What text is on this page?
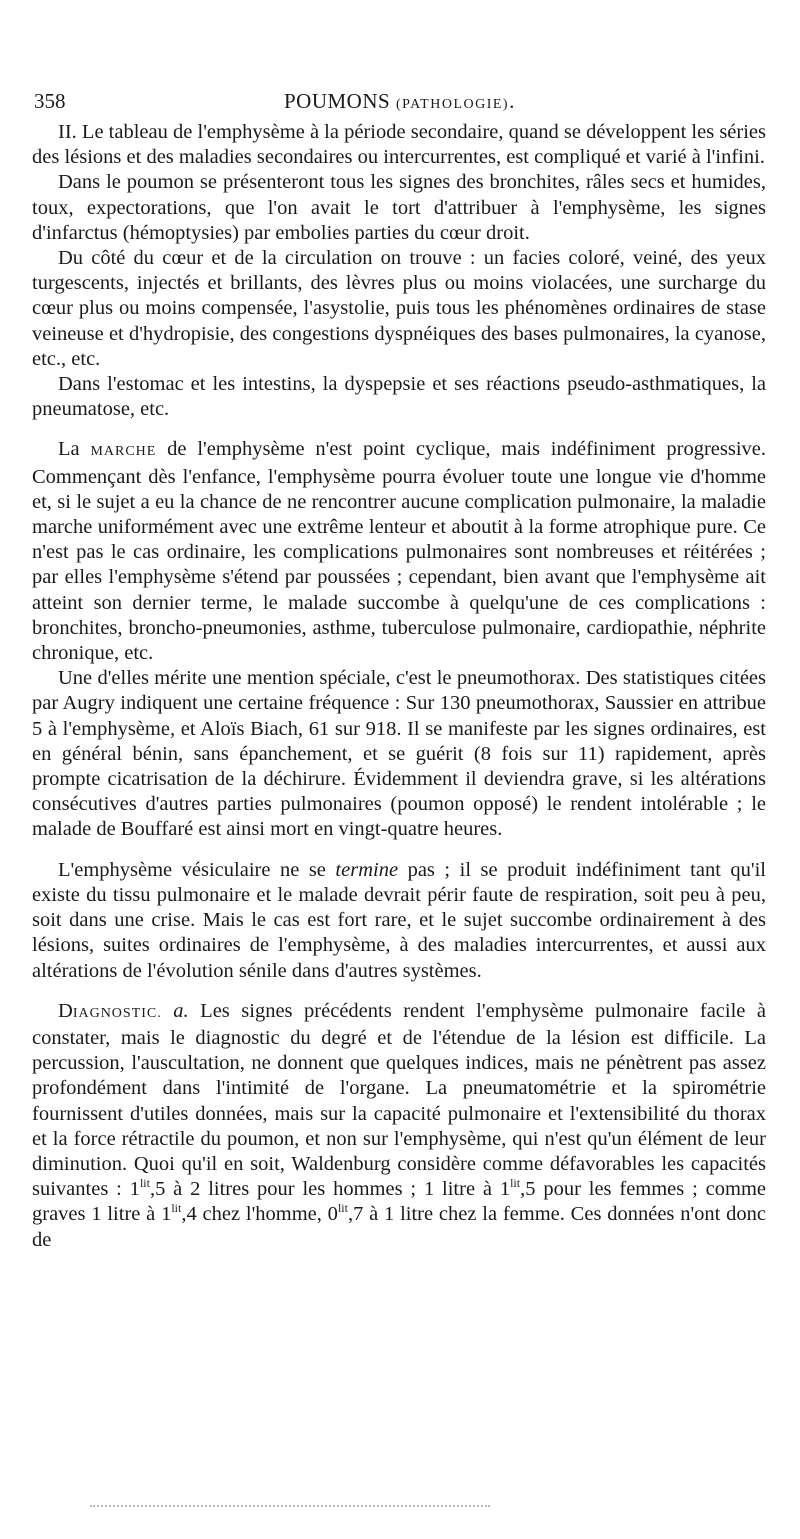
358	POUMONS (PATHOLOGIE).

II. Le tableau de l'emphysème à la période secondaire, quand se développent les séries des lésions et des maladies secondaires ou intercurrentes, est compliqué et varié à l'infini.

Dans le poumon se présenteront tous les signes des bronchites, râles secs et humides, toux, expectorations, que l'on avait le tort d'attribuer à l'emphysème, les signes d'infarctus (hémoptysies) par embolies parties du cœur droit.

Du côté du cœur et de la circulation on trouve : un facies coloré, veiné, des yeux turgescents, injectés et brillants, des lèvres plus ou moins violacées, une surcharge du cœur plus ou moins compensée, l'asystolie, puis tous les phénomènes ordinaires de stase veineuse et d'hydropisie, des congestions dyspnéiques des bases pulmonaires, la cyanose, etc., etc.

Dans l'estomac et les intestins, la dyspepsie et ses réactions pseudo-asthmatiques, la pneumatose, etc.

La MARCHE de l'emphysème n'est point cyclique, mais indéfiniment progressive. Commençant dès l'enfance, l'emphysème pourra évoluer toute une longue vie d'homme et, si le sujet a eu la chance de ne rencontrer aucune complication pulmonaire, la maladie marche uniformément avec une extrême lenteur et aboutit à la forme atrophique pure. Ce n'est pas le cas ordinaire, les complications pulmonaires sont nombreuses et réitérées ; par elles l'emphysème s'étend par poussées ; cependant, bien avant que l'emphysème ait atteint son dernier terme, le malade succombe à quelqu'une de ces complications : bronchites, broncho-pneumonies, asthme, tuberculose pulmonaire, cardiopathie, néphrite chronique, etc.

Une d'elles mérite une mention spéciale, c'est le pneumothorax. Des statistiques citées par Augry indiquent une certaine fréquence : Sur 130 pneumothorax, Saussier en attribue 5 à l'emphysème, et Aloïs Biach, 61 sur 918. Il se manifeste par les signes ordinaires, est en général bénin, sans épanchement, et se guérit (8 fois sur 11) rapidement, après prompte cicatrisation de la déchirure. Évidemment il deviendra grave, si les altérations consécutives d'autres parties pulmonaires (poumon opposé) le rendent intolérable ; le malade de Bouffaré est ainsi mort en vingt-quatre heures.

L'emphysème vésiculaire ne se termine pas ; il se produit indéfiniment tant qu'il existe du tissu pulmonaire et le malade devrait périr faute de respiration, soit peu à peu, soit dans une crise. Mais le cas est fort rare, et le sujet succombe ordinairement à des lésions, suites ordinaires de l'emphysème, à des maladies intercurrentes, et aussi aux altérations de l'évolution sénile dans d'autres systèmes.

DIAGNOSTIC. a. Les signes précédents rendent l'emphysème pulmonaire facile à constater, mais le diagnostic du degré et de l'étendue de la lésion est difficile. La percussion, l'auscultation, ne donnent que quelques indices, mais ne pénètrent pas assez profondément dans l'intimité de l'organe. La pneumatométrie et la spirométrie fournissent d'utiles données, mais sur la capacité pulmonaire et l'extensibilité du thorax et la force rétractile du poumon, et non sur l'emphysème, qui n'est qu'un élément de leur diminution. Quoi qu'il en soit, Waldenburg considère comme défavorables les capacités suivantes : $1^{lit},5$ à 2 litres pour les hommes ; 1 litre à $1^{lit},5$ pour les femmes ; comme graves 1 litre à $1^{lit},4$ chez l'homme, $0^{lit},7$ à 1 litre chez la femme. Ces données n'ont donc de
